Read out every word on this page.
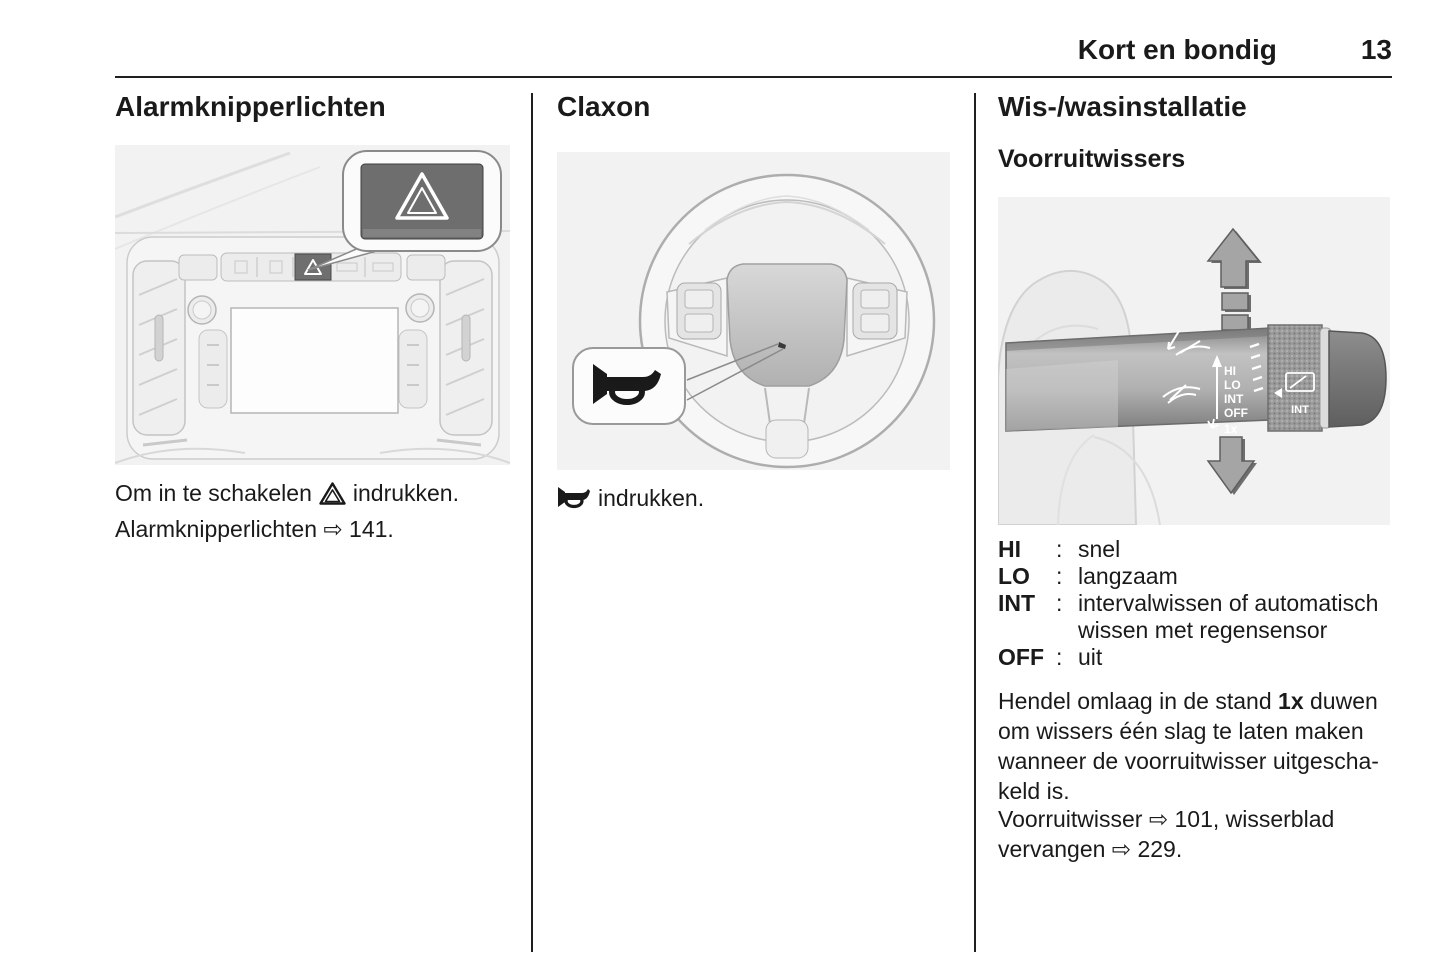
Kort en bondig	13
Alarmknipperlichten
Om in te schakelen indrukken.
Alarmknipperlichten ⇨ 141.
Claxon
indrukken.
Wis-/wasinstallatie
Voorruitwissers
HI
LO
INT
OFF
1x
INT
HI	: snel
LO	: langzaam
INT : intervalwissen of automatisch wissen met regensensor
OFF : uit
Hendel omlaag in de stand 1x duwen
om wissers één slag te laten maken
wanneer de voorruitwisser uitgescha-
keld is.
Voorruitwisser ⇨ 101, wisserblad
vervangen ⇨ 229.
